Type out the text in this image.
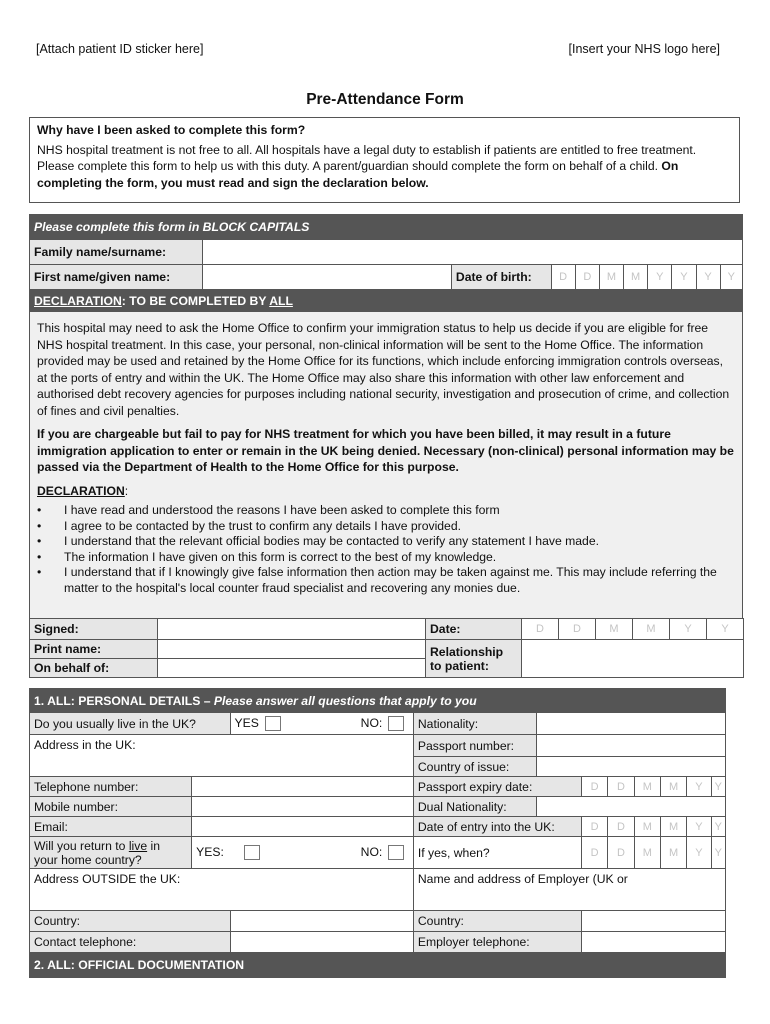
[Attach patient ID sticker here]	[Insert your NHS logo here]
Pre-Attendance Form
Why have I been asked to complete this form?
NHS hospital treatment is not free to all. All hospitals have a legal duty to establish if patients are entitled to free treatment. Please complete this form to help us with this duty. A parent/guardian should complete the form on behalf of a child. On completing the form, you must read and sign the declaration below.
Please complete this form in BLOCK CAPITALS										
Family name/surname:										
First name/given name:		Date of birth:	D	D	M	M	Y	Y	Y	Y
DECLARATION: TO BE COMPLETED BY ALL										

This hospital may need to ask the Home Office to confirm your immigration status to help us decide if you are eligible for free NHS hospital treatment. In this case, your personal, non-clinical information will be sent to the Home Office. The information provided may be used and retained by the Home Office for its functions, which include enforcing immigration controls overseas, at the ports of entry and within the UK. The Home Office may also share this information with other law enforcement and authorised debt recovery agencies for purposes including national security, investigation and prosecution of crime, and collection of fines and civil penalties.

If you are chargeable but fail to pay for NHS treatment for which you have been billed, it may result in a future immigration application to enter or remain in the UK being denied. Necessary (non-clinical) personal information may be passed via the Department of Health to the Home Office for this purpose.

DECLARATION:
• I have read and understood the reasons I have been asked to complete this form
• I agree to be contacted by the trust to confirm any details I have provided.
• I understand that the relevant official bodies may be contacted to verify any statement I have made.
• The information I have given on this form is correct to the best of my knowledge.
• I understand that if I knowingly give false information then action may be taken against me. This may include referring the matter to the hospital's local counter fraud specialist and recovering any monies due.
Signed:		Date:	D	D	M	M	Y	Y
Print name:		Relationship to patient:						
On behalf of:								
1. ALL: PERSONAL DETAILS – Please answer all questions that apply to you											
Do you usually live in the UK?		YES	NO:	Nationality:							
Address in the UK:				Passport number:							
				Country of issue:							
Telephone number:				Passport expiry date:		D	D	M	M	Y	Y
Mobile number:				Dual Nationality:							
Email:				Date of entry into the UK:		D	D	M	M	Y	Y
Will you return to live in your home country?	YES:		NO:	If yes, when?		D	D	M	M	Y	Y
Address OUTSIDE the UK:				Name and address of Employer (UK or							
Country:				Country:							
Contact telephone:				Employer telephone:							
2. ALL: OFFICIAL DOCUMENTATION											
